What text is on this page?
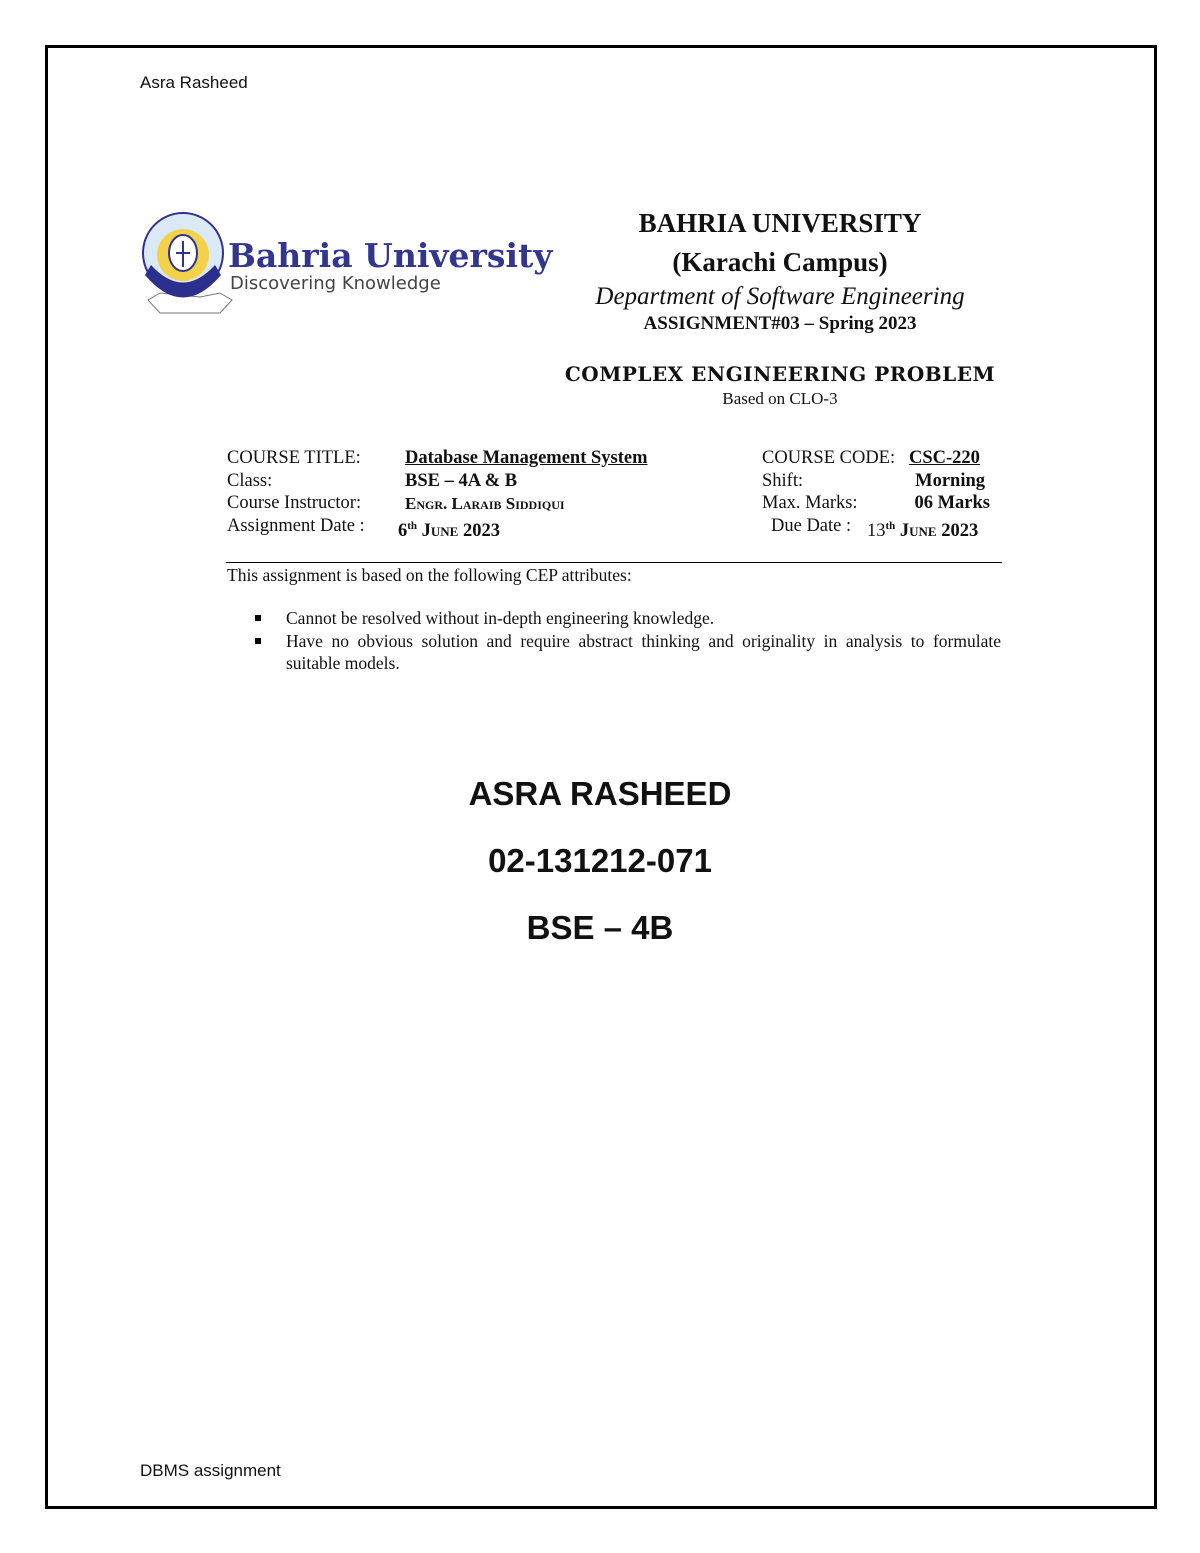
Asra Rasheed
Bahria University
Discovering Knowledge
BAHRIA UNIVERSITY
(Karachi Campus)
Department of Software Engineering
ASSIGNMENT#03 – Spring 2023
COMPLEX ENGINEERING PROBLEM
Based on CLO-3
COURSE TITLE: Database Management System
Class:	BSE – 4A & B
Course Instructor:	Engr. Laraib Siddiqui
Assignment Date : 6th June 2023
COURSE CODE: CSC-220
Shift:	Morning
Max. Marks:	06 Marks
Due Date : 13th June 2023
This assignment is based on the following CEP attributes:
Cannot be resolved without in-depth engineering knowledge.
Have no obvious solution and require abstract thinking and originality in analysis to formulate suitable models.
ASRA RASHEED
02-131212-071
BSE – 4B
DBMS assignment
